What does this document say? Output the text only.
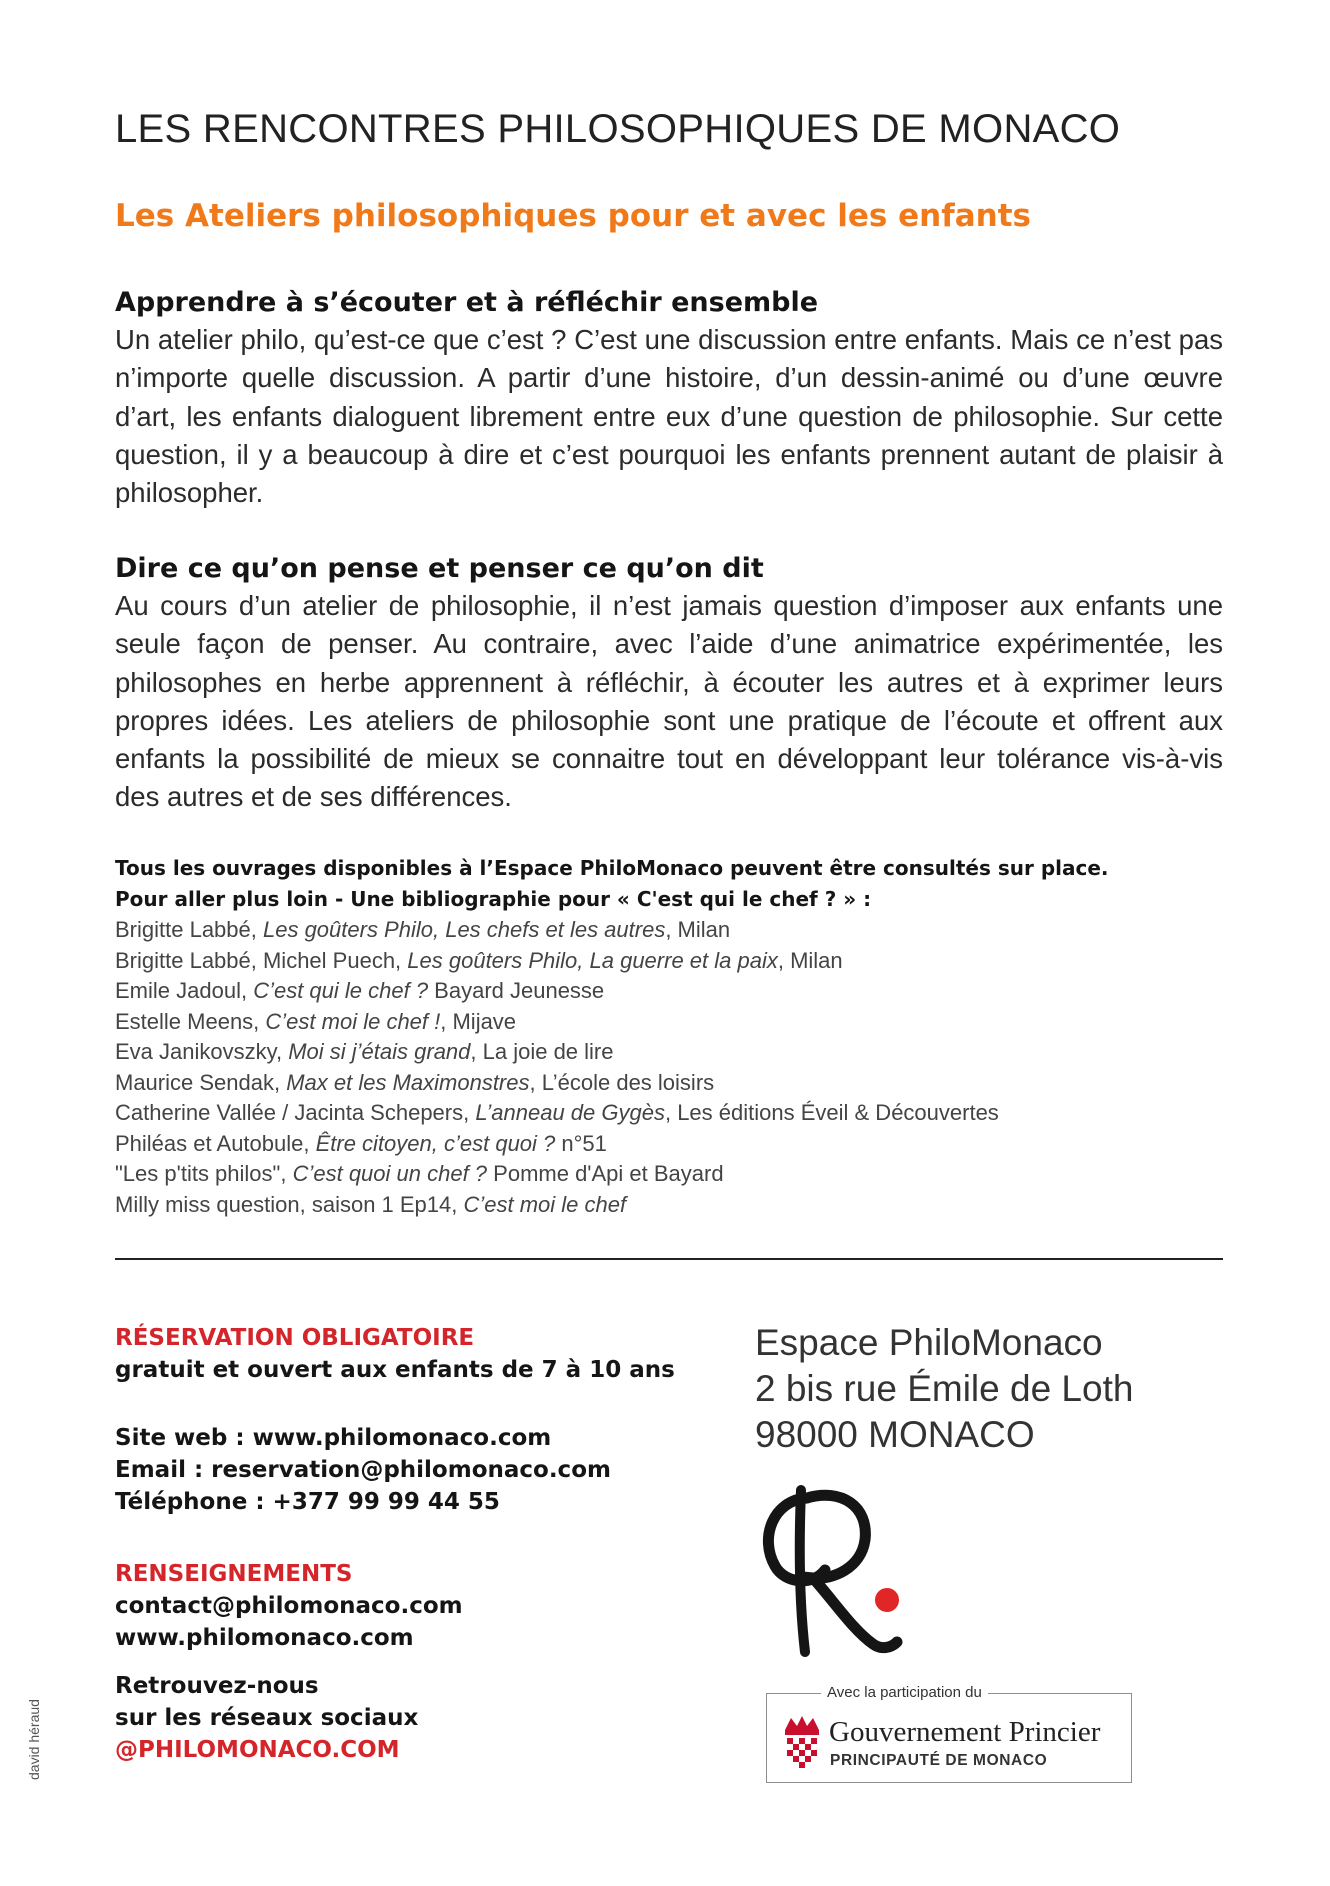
LES RENCONTRES PHILOSOPHIQUES DE MONACO
Les Ateliers philosophiques pour et avec les enfants
Apprendre à s’écouter et à réfléchir ensemble

Un atelier philo, qu’est-ce que c’est ? C’est une discussion entre enfants. Mais ce n’est pas n’importe quelle discussion. A partir d’une histoire, d’un dessin-animé ou d’une œuvre d’art, les enfants dialoguent librement entre eux d’une question de philosophie. Sur cette question, il y a beaucoup à dire et c’est pourquoi les enfants prennent autant de plaisir à philosopher.

Dire ce qu’on pense et penser ce qu’on dit

Au cours d’un atelier de philosophie, il n’est jamais question d’imposer aux enfants une seule façon de penser. Au contraire, avec l’aide d’une animatrice expérimentée, les philosophes en herbe apprennent à réfléchir, à écouter les autres et à exprimer leurs propres idées. Les ateliers de philosophie sont une pratique de l’écoute et offrent aux enfants la possibilité de mieux se connaitre tout en développant leur tolérance vis-à-vis des autres et de ses différences.

Tous les ouvrages disponibles à l’Espace PhiloMonaco peuvent être consultés sur place.
Pour aller plus loin - Une bibliographie pour « C'est qui le chef ? » :
Brigitte Labbé, Les goûters Philo, Les chefs et les autres, Milan
Brigitte Labbé, Michel Puech, Les goûters Philo, La guerre et la paix, Milan
Emile Jadoul, C’est qui le chef ? Bayard Jeunesse
Estelle Meens, C’est moi le chef !, Mijave
Eva Janikovszky, Moi si j’étais grand, La joie de lire
Maurice Sendak, Max et les Maximonstres, L’école des loisirs
Catherine Vallée / Jacinta Schepers, L’anneau de Gygès, Les éditions Éveil & Découvertes
Philéas et Autobule, Être citoyen, c’est quoi ? n°51
"Les p'tits philos", C’est quoi un chef ? Pomme d'Api et Bayard
Milly miss question, saison 1 Ep14, C’est moi le chef
RÉSERVATION OBLIGATOIRE
gratuit et ouvert aux enfants de 7 à 10 ans
Site web : www.philomonaco.com
Email : reservation@philomonaco.com
Téléphone : +377 99 99 44 55
RENSEIGNEMENTS
contact@philomonaco.com
www.philomonaco.com
Retrouvez-nous
sur les réseaux sociaux
@PHILOMONACO.COM
Espace PhiloMonaco
2 bis rue Émile de Loth
98000 MONACO
Avec la participation du
Gouvernement Princier
PRINCIPAUTÉ DE MONACO
david héraud
